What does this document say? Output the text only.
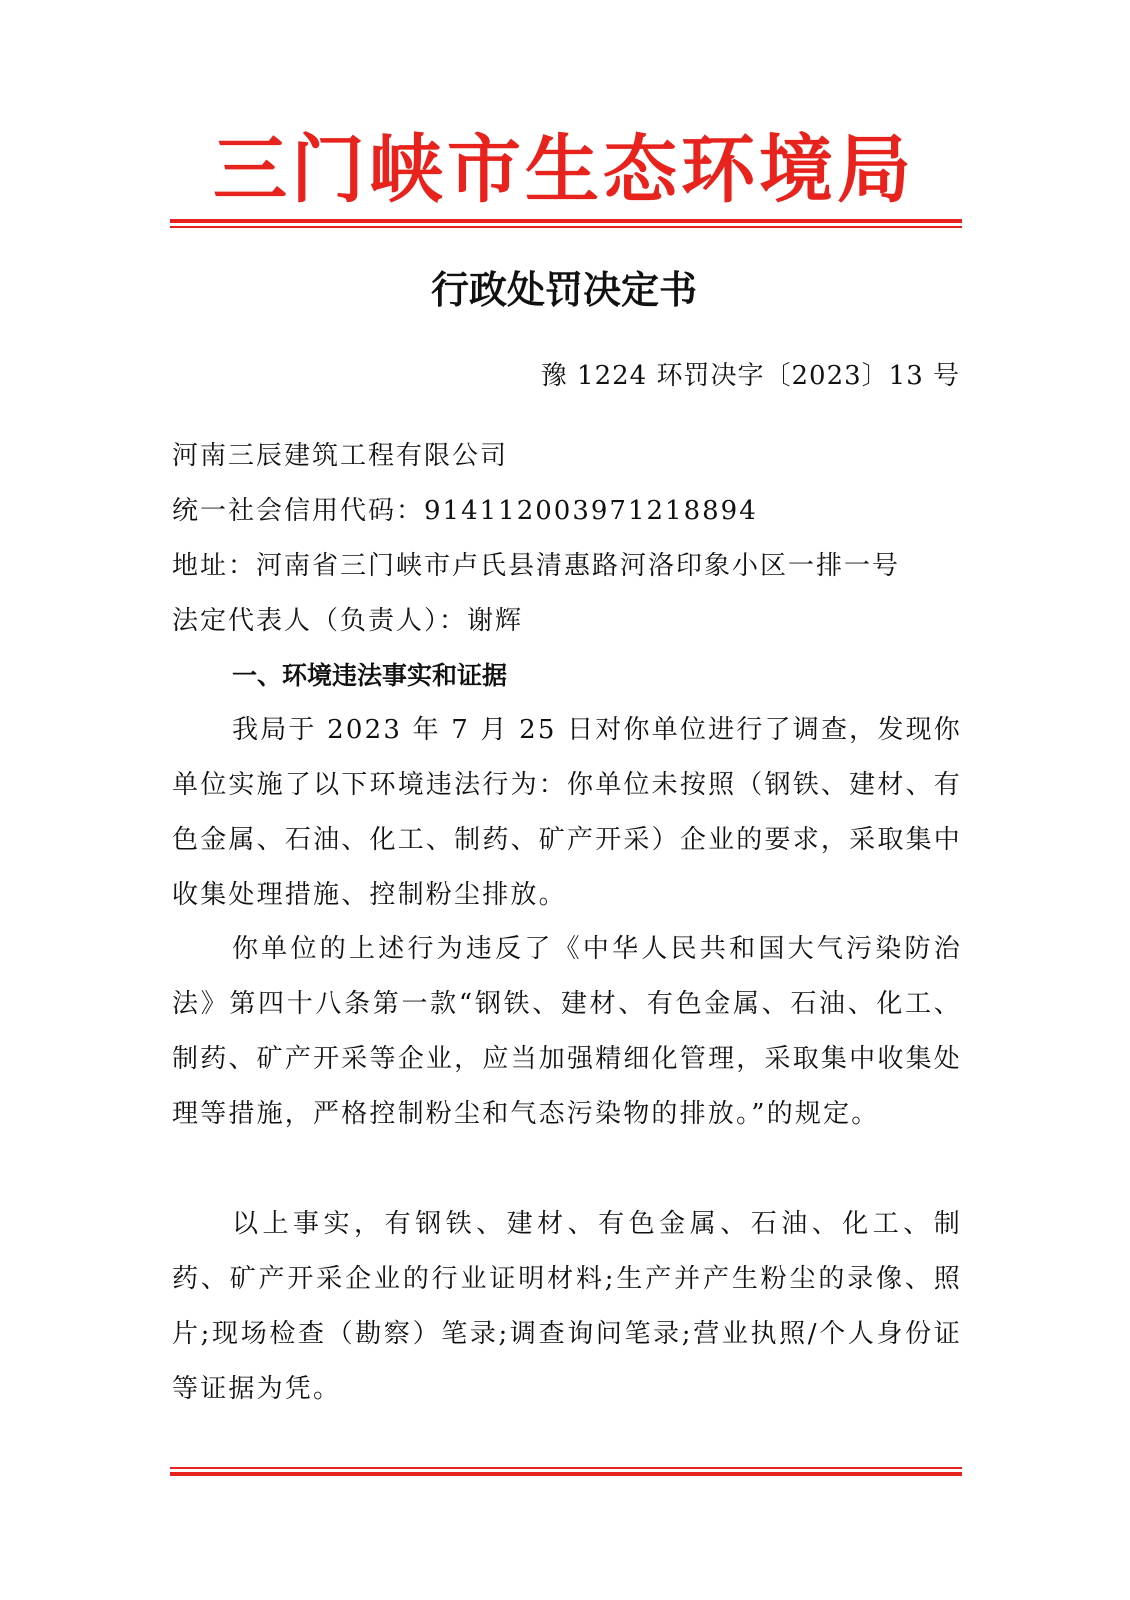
三门峡市生态环境局
行政处罚决定书
豫 1224 环罚决字〔2023〕13 号
河南三辰建筑工程有限公司
统一社会信用代码：914112003971218894
地址：河南省三门峡市卢氏县清惠路河洛印象小区一排一号
法定代表人（负责人）：谢辉
一、环境违法事实和证据

我局于 2023 年 7 月 25 日对你单位进行了调查，发现你单位实施了以下环境违法行为：你单位未按照（钢铁、建材、有色金属、石油、化工、制药、矿产开采）企业的要求，采取集中收集处理措施、控制粉尘排放。

你单位的上述行为违反了《中华人民共和国大气污染防治法》第四十八条第一款“钢铁、建材、有色金属、石油、化工、制药、矿产开采等企业，应当加强精细化管理，采取集中收集处理等措施，严格控制粉尘和气态污染物的排放。”的规定。

以上事实，有钢铁、建材、有色金属、石油、化工、制药、矿产开采企业的行业证明材料;生产并产生粉尘的录像、照片;现场检查（勘察）笔录;调查询问笔录;营业执照/个人身份证等证据为凭。
